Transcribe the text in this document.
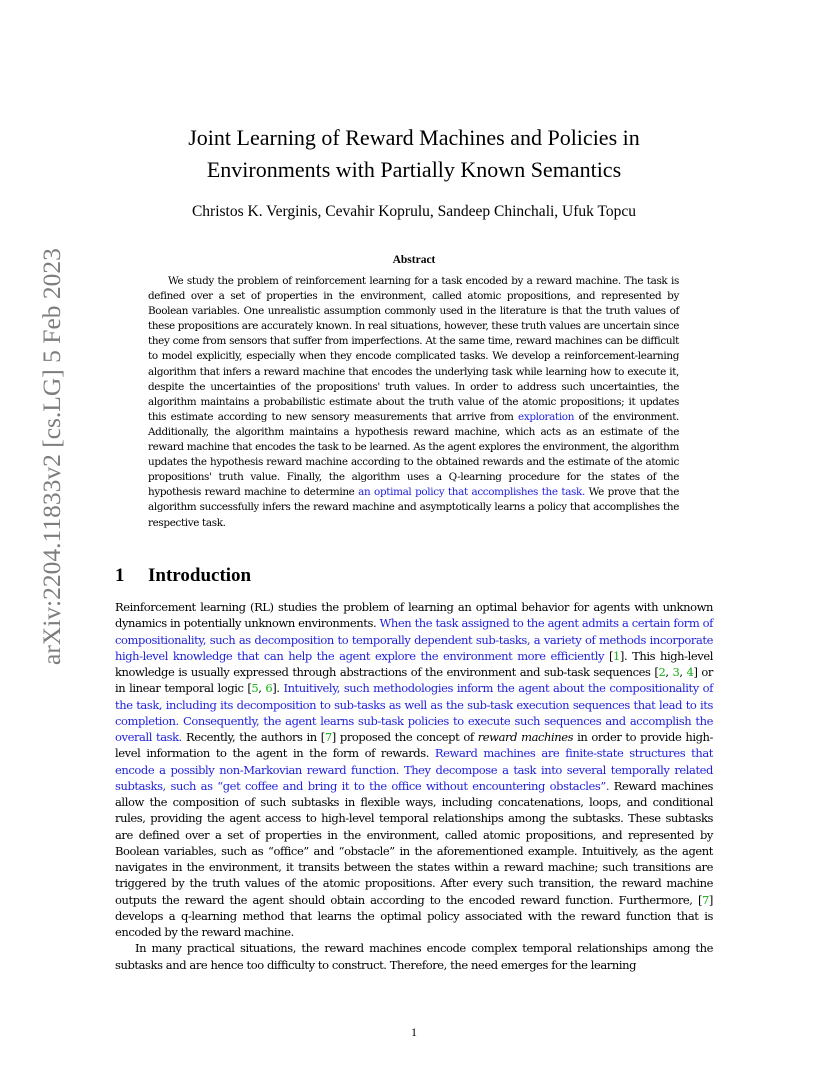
arXiv:2204.11833v2 [cs.LG] 5 Feb 2023
Joint Learning of Reward Machines and Policies in
Environments with Partially Known Semantics
Christos K. Verginis, Cevahir Koprulu, Sandeep Chinchali, Ufuk Topcu
Abstract

We study the problem of reinforcement learning for a task encoded by a reward machine. The task is defined over a set of properties in the environment, called atomic propositions, and represented by Boolean variables. One unrealistic assumption commonly used in the literature is that the truth values of these propositions are accurately known. In real situations, however, these truth values are uncertain since they come from sensors that suffer from imperfections. At the same time, reward machines can be difficult to model explicitly, especially when they encode complicated tasks. We develop a reinforcement-learning algorithm that infers a reward machine that encodes the underlying task while learning how to execute it, despite the uncertainties of the propositions' truth values. In order to address such uncertainties, the algorithm maintains a probabilistic estimate about the truth value of the atomic propositions; it updates this estimate according to new sensory measurements that arrive from exploration of the environment. Additionally, the algorithm maintains a hypothesis reward machine, which acts as an estimate of the reward machine that encodes the task to be learned. As the agent explores the environment, the algorithm updates the hypothesis reward machine according to the obtained rewards and the estimate of the atomic propositions' truth value. Finally, the algorithm uses a Q-learning procedure for the states of the hypothesis reward machine to determine an optimal policy that accomplishes the task. We prove that the algorithm successfully infers the reward machine and asymptotically learns a policy that accomplishes the respective task.

1 Introduction

Reinforcement learning (RL) studies the problem of learning an optimal behavior for agents with unknown dynamics in potentially unknown environments. When the task assigned to the agent admits a certain form of compositionality, such as decomposition to temporally dependent sub-tasks, a variety of methods incorporate high-level knowledge that can help the agent explore the environment more efficiently [1]. This high-level knowledge is usually expressed through abstractions of the environment and sub-task sequences [2, 3, 4] or in linear temporal logic [5, 6]. Intuitively, such methodologies inform the agent about the compositionality of the task, including its decomposition to sub-tasks as well as the sub-task execution sequences that lead to its completion. Consequently, the agent learns sub-task policies to execute such sequences and accomplish the overall task. Recently, the authors in [7] proposed the concept of reward machines in order to provide high-level information to the agent in the form of rewards. Reward machines are finite-state structures that encode a possibly non-Markovian reward function. They decompose a task into several temporally related subtasks, such as “get coffee and bring it to the office without encountering obstacles”. Reward machines allow the composition of such subtasks in flexible ways, including concatenations, loops, and conditional rules, providing the agent access to high-level temporal relationships among the subtasks. These subtasks are defined over a set of properties in the environment, called atomic propositions, and represented by Boolean variables, such as “office” and “obstacle” in the aforementioned example. Intuitively, as the agent navigates in the environment, it transits between the states within a reward machine; such transitions are triggered by the truth values of the atomic propositions. After every such transition, the reward machine outputs the reward the agent should obtain according to the encoded reward function. Furthermore, [7] develops a q-learning method that learns the optimal policy associated with the reward function that is encoded by the reward machine.

In many practical situations, the reward machines encode complex temporal relationships among the subtasks and are hence too difficulty to construct. Therefore, the need emerges for the learning

1
